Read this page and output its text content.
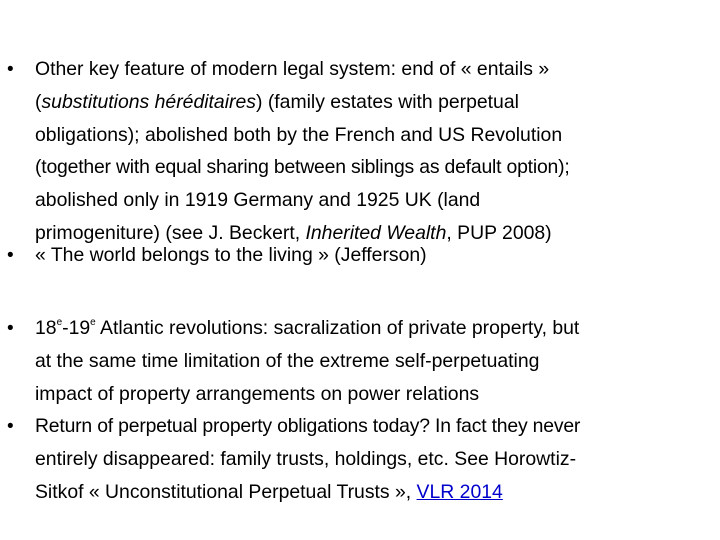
• Other key feature of modern legal system: end of « entails »
(substitutions héréditaires) (family estates with perpetual
obligations); abolished both by the French and US Revolution
(together with equal sharing between siblings as default option);
abolished only in 1919 Germany and 1925 UK (land
primogeniture) (see J. Beckert, Inherited Wealth, PUP 2008)
• « The world belongs to the living » (Jefferson)
• 18e-19e Atlantic revolutions: sacralization of private property, but
at the same time limitation of the extreme self-perpetuating
impact of property arrangements on power relations
• Return of perpetual property obligations today? In fact they never
entirely disappeared: family trusts, holdings, etc. See Horowtiz-
Sitkof « Unconstitutional Perpetual Trusts », VLR 2014
